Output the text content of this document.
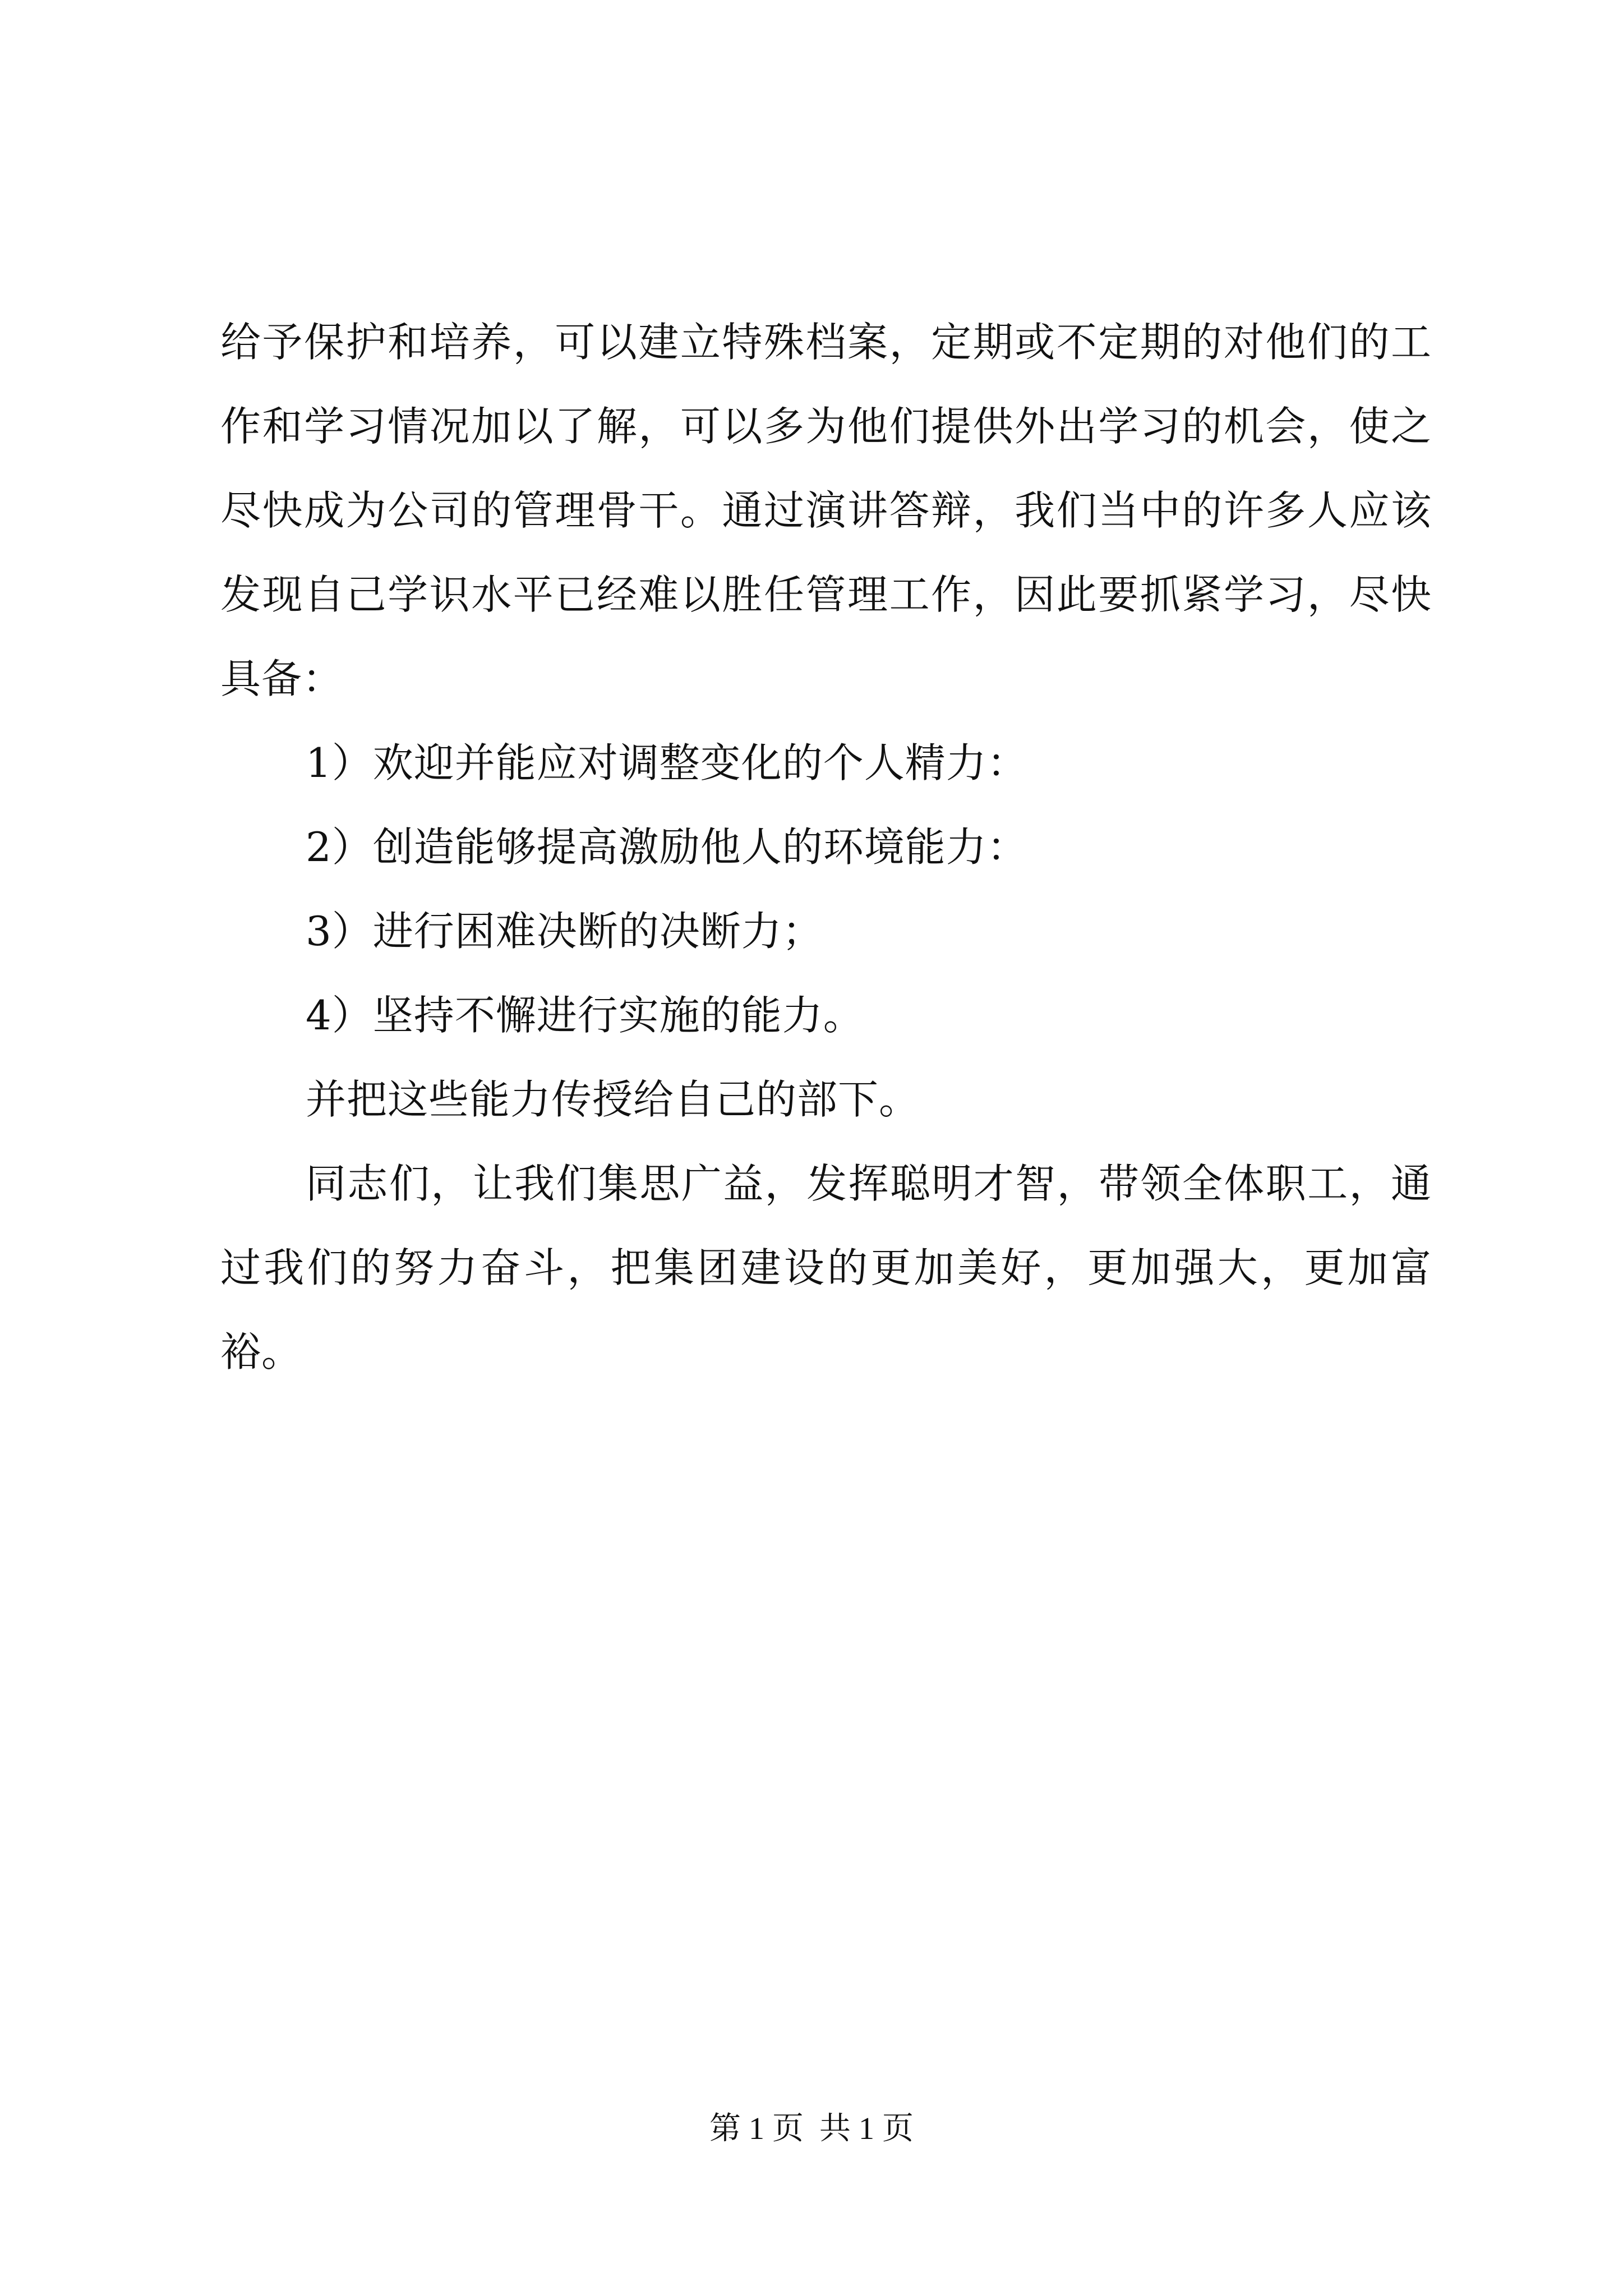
给予保护和培养，可以建立特殊档案，定期或不定期的对他们的工作和学习情况加以了解，可以多为他们提供外出学习的机会，使之尽快成为公司的管理骨干。通过演讲答辩，我们当中的许多人应该发现自己学识水平已经难以胜任管理工作，因此要抓紧学习，尽快具备：

1）欢迎并能应对调整变化的个人精力：

2）创造能够提高激励他人的环境能力：

3）进行困难决断的决断力；

4）坚持不懈进行实施的能力。

并把这些能力传授给自己的部下。

同志们，让我们集思广益，发挥聪明才智，带领全体职工，通过我们的努力奋斗，把集团建设的更加美好，更加强大，更加富裕。

第 1 页 共 1 页
